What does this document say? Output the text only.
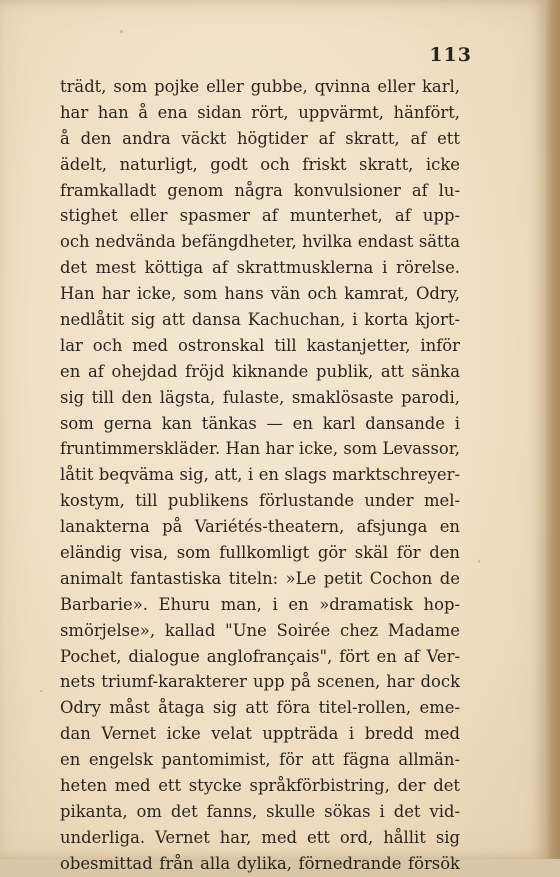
113
trädt, som pojke eller gubbe, qvinna eller karl,
har han å ena sidan rört, uppvärmt, hänfört,
å den andra väckt högtider af skratt, af ett
ädelt, naturligt, godt och friskt skratt, icke
framkalladt genom några konvulsioner af lu-
stighet eller spasmer af munterhet, af upp-
och nedvända befängdheter, hvilka endast sätta
det mest köttiga af skrattmusklerna i rörelse.
Han har icke, som hans vän och kamrat, Odry,
nedlåtit sig att dansa Kachuchan, i korta kjort-
lar och med ostronskal till kastanjetter, inför
en af ohejdad fröjd kiknande publik, att sänka
sig till den lägsta, fulaste, smaklösaste parodi,
som gerna kan tänkas — en karl dansande i
fruntimmerskläder. Han har icke, som Levassor,
låtit beqväma sig, att, i en slags marktschreyer-
kostym, till publikens förlustande under mel-
lanakterna på Variétés-theatern, afsjunga en
eländig visa, som fullkomligt gör skäl för den
animalt fantastiska titeln: »Le petit Cochon de
Barbarie». Ehuru man, i en »dramatisk hop-
smörjelse», kallad "Une Soirée chez Madame
Pochet, dialogue anglofrançais", fört en af Ver-
nets triumf-karakterer upp på scenen, har dock
Odry måst åtaga sig att föra titel-rollen, eme-
dan Vernet icke velat uppträda i bredd med
en engelsk pantomimist, för att fägna allmän-
heten med ett stycke språkförbistring, der det
pikanta, om det fanns, skulle sökas i det vid-
underliga. Vernet har, med ett ord, hållit sig
obesmittad från alla dylika, förnedrande försök
